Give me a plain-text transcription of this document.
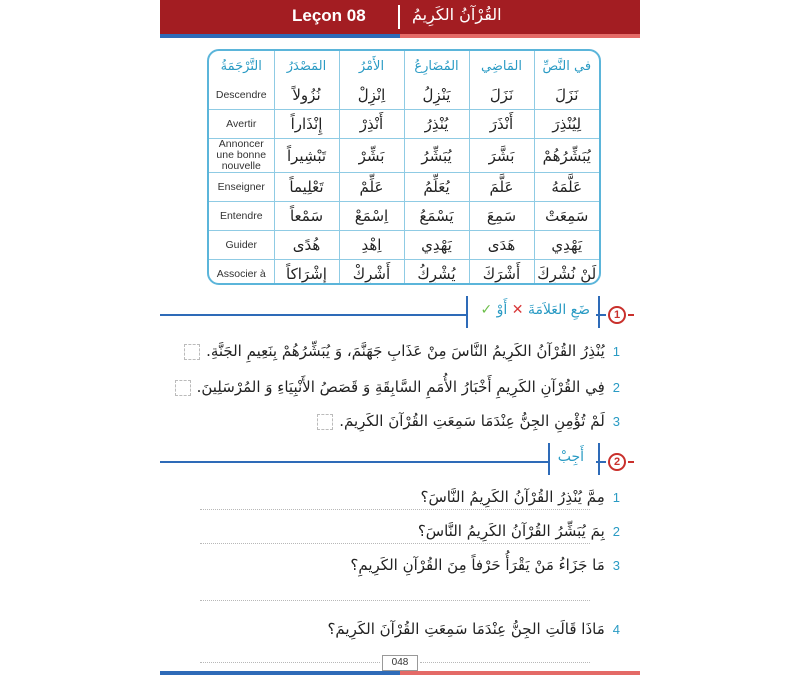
Leçon 08	القُرْآنُ الكَرِيمُ
التَّرْجَمَةُ	المَصْدَرُ	الأَمْرُ	المُضَارِعُ	المَاضِي	في النَّصِّ
Descendre	نُزُولاً	اِنْزِلْ	يَنْزِلُ	نَزَلَ	نَزَلَ
Avertir	إِنْذَاراً	أَنْذِرْ	يُنْذِرُ	أَنْذَرَ	لِيُنْذِرَ
Annoncer une bonne nouvelle	تَبْشِيراً	بَشِّرْ	يُبَشِّرُ	بَشَّرَ	يُبَشِّرُهُمْ
Enseigner	تَعْلِيماً	عَلِّمْ	يُعَلِّمُ	عَلَّمَ	عَلَّمَهُ
Entendre	سَمْعاً	اِسْمَعْ	يَسْمَعُ	سَمِعَ	سَمِعَتْ
Guider	هُدًى	اِهْدِ	يَهْدِي	هَدَى	يَهْدِي
Associer à	إِشْرَاكاً	أَشْرِكْ	يُشْرِكُ	أَشْرَكَ	لَنْ نُشْرِكَ
ضَعِ العَلاَمَةَ ✕ أَوْ ✓	1
1يُنْذِرُ القُرْآنُ الكَرِيمُ النَّاسَ مِنْ عَذَابِ جَهَنَّمَ، وَ يُبَشِّرُهُمْ بِنَعِيمِ الجَنَّةِ.
2فِي القُرْآنِ الكَرِيمِ أَخْبَارُ الأُمَمِ السَّابِقَةِ وَ قَصَصُ الأَنْبِيَاءِ وَ المُرْسَلِينَ.
3لَمْ تُؤْمِنِ الجِنُّ عِنْدَمَا سَمِعَتِ القُرْآنَ الكَرِيمَ.
أَجِبْ	2
1مِمَّ يُنْذِرُ القُرْآنُ الكَرِيمُ النَّاسَ؟
2بِمَ يُبَشِّرُ القُرْآنُ الكَرِيمُ النَّاسَ؟
3مَا جَزَاءُ مَنْ يَقْرَأُ حَرْفاً مِنَ القُرْآنِ الكَرِيمِ؟
4مَاذَا قَالَتِ الجِنُّ عِنْدَمَا سَمِعَتِ القُرْآنَ الكَرِيمَ؟
048
